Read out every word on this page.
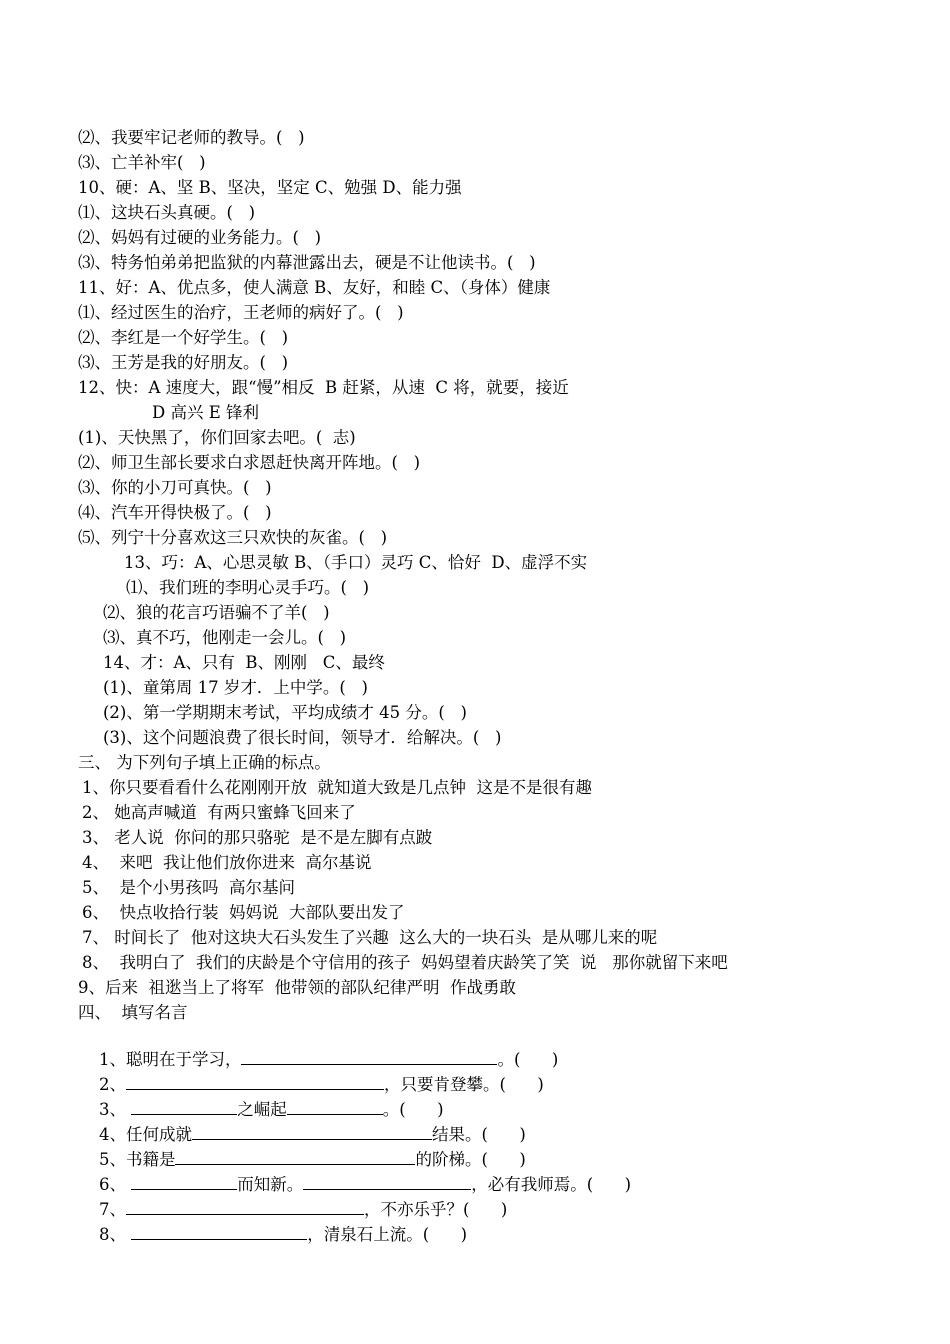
⑵、我要牢记老师的教导。(   )
⑶、亡羊补牢(   )
10、硬：A、坚 B、坚决，坚定 C、勉强 D、能力强
⑴、这块石头真硬。(   )
⑵、妈妈有过硬的业务能力。(   )
⑶、特务怕弟弟把监狱的内幕泄露出去，硬是不让他读书。(   )
11、好：A、优点多，使人满意 B、友好，和睦 C、（身体）健康
⑴、经过医生的治疗，王老师的病好了。(   )
⑵、李红是一个好学生。(   )
⑶、王芳是我的好朋友。(   )
12、快：A 速度大，跟“慢”相反  B 赶紧，从速  C 将，就要，接近
D 高兴 E 锋利
(1)、天快黑了，你们回家去吧。(  志)
⑵、师卫生部长要求白求恩赶快离开阵地。(   )
⑶、你的小刀可真快。(   )
⑷、汽车开得快极了。(   )
⑸、列宁十分喜欢这三只欢快的灰雀。(   )
13、巧：A、心思灵敏 B、（手口）灵巧 C、恰好  D、虚浮不实
⑴、我们班的李明心灵手巧。(   )
⑵、狼的花言巧语骗不了羊(   )
⑶、真不巧，他刚走一会儿。(   )
14、才：A、只有  B、刚刚   C、最终
(1)、童第周 17 岁才．上中学。(   )
(2)、第一学期期末考试，平均成绩才 45 分。(   )
(3)、这个问题浪费了很长时间，领导才．给解决。(   )
三、 为下列句子填上正确的标点。
1、你只要看看什么花刚刚开放  就知道大致是几点钟  这是不是很有趣
2、 她高声喊道  有两只蜜蜂飞回来了
3、 老人说  你问的那只骆驼  是不是左脚有点跛
4、  来吧  我让他们放你进来  高尔基说
5、  是个小男孩吗  高尔基问
6、  快点收拾行装  妈妈说  大部队要出发了
7、 时间长了  他对这块大石头发生了兴趣  这么大的一块石头  是从哪儿来的呢
8、  我明白了  我们的庆龄是个守信用的孩子  妈妈望着庆龄笑了笑  说   那你就留下来吧
9、后来  祖逖当上了将军  他带领的部队纪律严明  作战勇敢
四、  填写名言

1、聪明在于学习，	。(      )

2、	，只要肯登攀。(      )

3、	之崛起	。(      )

4、任何成就	结果。(      )

5、书籍是	的阶梯。(      )

6、	而知新。	，必有我师焉。(      )

7、	，不亦乐乎？(      )

8、	，清泉石上流。(      )
